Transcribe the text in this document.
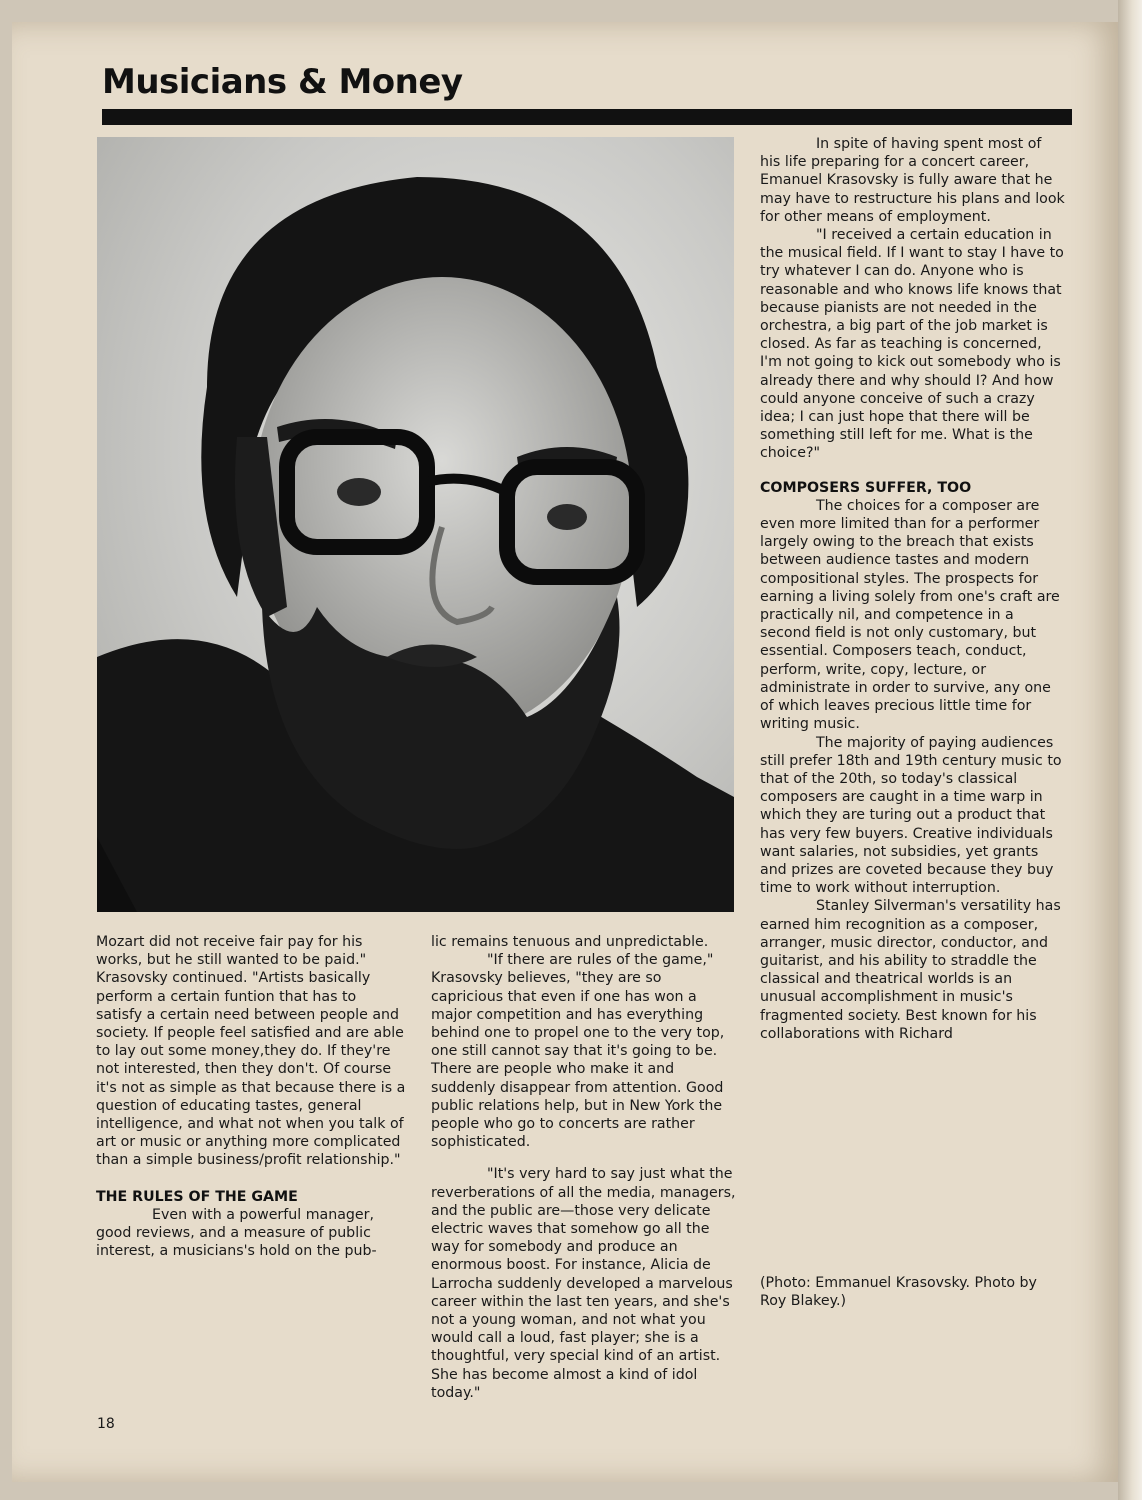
Musicians & Money

Mozart did not receive fair pay for his works, but he still wanted to be paid." Krasovsky continued. "Artists basically perform a certain funtion that has to satisfy a certain need between people and society. If people feel satisfied and are able to lay out some money,they do. If they're not interested, then they don't. Of course it's not as simple as that because there is a question of educating tastes, general intelligence, and what not when you talk of art or music or anything more complicated than a simple business/profit relationship."

THE RULES OF THE GAME

Even with a powerful manager, good reviews, and a measure of public interest, a musicians's hold on the pub-

lic remains tenuous and unpredictable.

"If there are rules of the game," Krasovsky believes, "they are so capricious that even if one has won a major competition and has everything behind one to propel one to the very top, one still cannot say that it's going to be. There are people who make it and suddenly disappear from attention. Good public relations help, but in New York the people who go to concerts are rather sophisticated.

"It's very hard to say just what the reverberations of all the media, managers, and the public are—those very delicate electric waves that somehow go all the way for somebody and produce an enormous boost. For instance, Alicia de Larrocha suddenly developed a marvelous career within the last ten years, and she's not a young woman, and not what you would call a loud, fast player; she is a thoughtful, very special kind of an artist. She has become almost a kind of idol today."

In spite of having spent most of his life preparing for a concert career, Emanuel Krasovsky is fully aware that he may have to restructure his plans and look for other means of employment.

"I received a certain education in the musical field. If I want to stay I have to try whatever I can do. Anyone who is reasonable and who knows life knows that because pianists are not needed in the orchestra, a big part of the job market is closed. As far as teaching is concerned, I'm not going to kick out somebody who is already there and why should I? And how could anyone conceive of such a crazy idea; I can just hope that there will be something still left for me. What is the choice?"

COMPOSERS SUFFER, TOO

The choices for a composer are even more limited than for a performer largely owing to the breach that exists between audience tastes and modern compositional styles. The prospects for earning a living solely from one's craft are practically nil, and competence in a second field is not only customary, but essential. Composers teach, conduct, perform, write, copy, lecture, or administrate in order to survive, any one of which leaves precious little time for writing music.

The majority of paying audiences still prefer 18th and 19th century music to that of the 20th, so today's classical composers are caught in a time warp in which they are turing out a product that has very few buyers. Creative individuals want salaries, not subsidies, yet grants and prizes are coveted because they buy time to work without interruption.

Stanley Silverman's versatility has earned him recognition as a composer, arranger, music director, conductor, and guitarist, and his ability to straddle the classical and theatrical worlds is an unusual accomplishment in music's fragmented society. Best known for his collaborations with Richard

(Photo: Emmanuel Krasovsky. Photo by Roy Blakey.)

18
